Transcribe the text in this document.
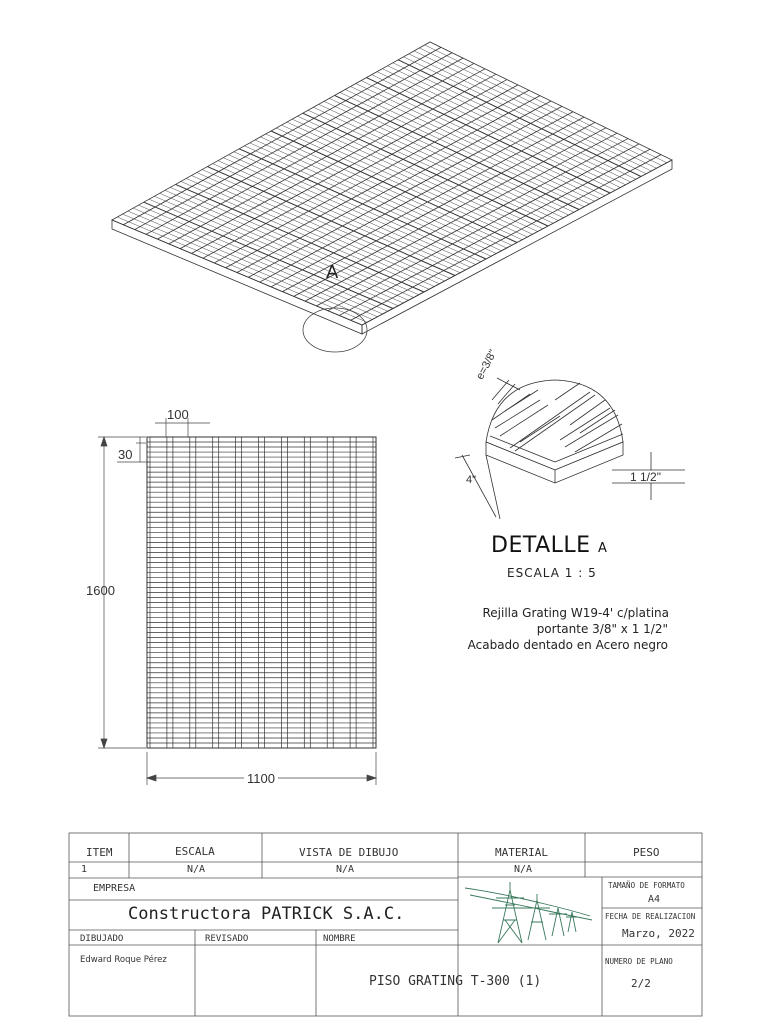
A
100
30
1600
1100
e=3/8"
4"	1 1/2"
DETALLE A
ESCALA 1 : 5
Rejilla Grating W19-4' c/platina
portante 3/8" x 1 1/2"
Acabado dentado en Acero negro
ITEM
1
ESCALA
N/A
VISTA DE DIBUJO
N/A
MATERIAL
N/A
PESO
EMPRESA
Constructora PATRICK S.A.C.
TAMAÑO DE FORMATO
A4
FECHA DE REALIZACION
Marzo, 2022
DIBUJADO
Edward Roque Pérez
REVISADO	NOMBRE
PISO GRATING T-300 (1)
NUMERO DE PLANO
2/2
